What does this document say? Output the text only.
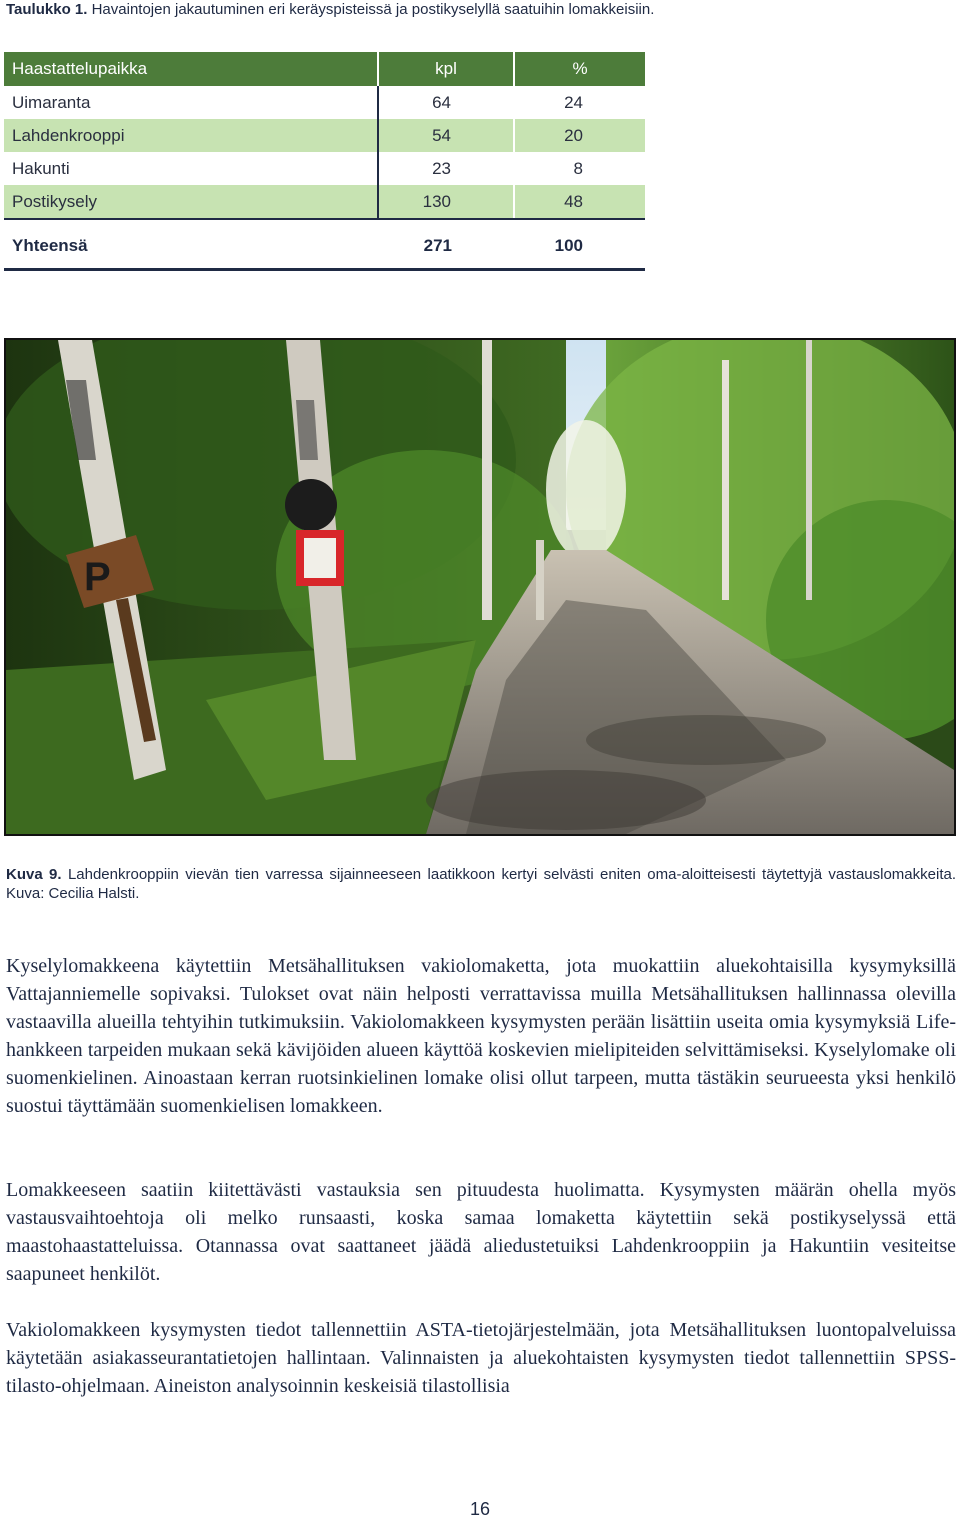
Taulukko 1. Havaintojen jakautuminen eri keräyspisteissä ja postikyselyllä saatuihin lomakkeisiin.
Haastattelupaikka	kpl	%
Uimaranta	64	24
Lahdenkrooppi	54	20
Hakunti	23	8
Postikysely	130	48

Yhteensä	271	100
P
Kuva 9. Lahdenkrooppiin vievän tien varressa sijainneeseen laatikkoon kertyi selvästi eniten oma-aloitteisesti täytettyjä vastauslomakkeita. Kuva: Cecilia Halsti.

Kyselylomakkeena käytettiin Metsähallituksen vakiolomaketta, jota muokattiin aluekohtaisilla kysymyksillä Vattajanniemelle sopivaksi. Tulokset ovat näin helposti verrattavissa muilla Metsähallituksen hallinnassa olevilla vastaavilla alueilla tehtyihin tutkimuksiin. Vakiolomakkeen kysymysten perään lisättiin useita omia kysymyksiä Life-hankkeen tarpeiden mukaan sekä kävijöiden alueen käyttöä koskevien mielipiteiden selvittämiseksi. Kyselylomake oli suomenkielinen. Ainoastaan kerran ruotsinkielinen lomake olisi ollut tarpeen, mutta tästäkin seurueesta yksi henkilö suostui täyttämään suomenkielisen lomakkeen.

Lomakkeeseen saatiin kiitettävästi vastauksia sen pituudesta huolimatta. Kysymysten määrän ohella myös vastausvaihtoehtoja oli melko runsaasti, koska samaa lomaketta käytettiin sekä postikyselyssä että maastohaastatteluissa. Otannassa ovat saattaneet jäädä aliedustetuiksi Lahdenkrooppiin ja Hakuntiin vesiteitse saapuneet henkilöt.

Vakiolomakkeen kysymysten tiedot tallennettiin ASTA-tietojärjestelmään, jota Metsähallituksen luontopalveluissa käytetään asiakasseurantatietojen hallintaan. Valinnaisten ja aluekohtaisten kysymysten tiedot tallennettiin SPSS-tilasto-ohjelmaan. Aineiston analysoinnin keskeisiä tilastollisia

16
